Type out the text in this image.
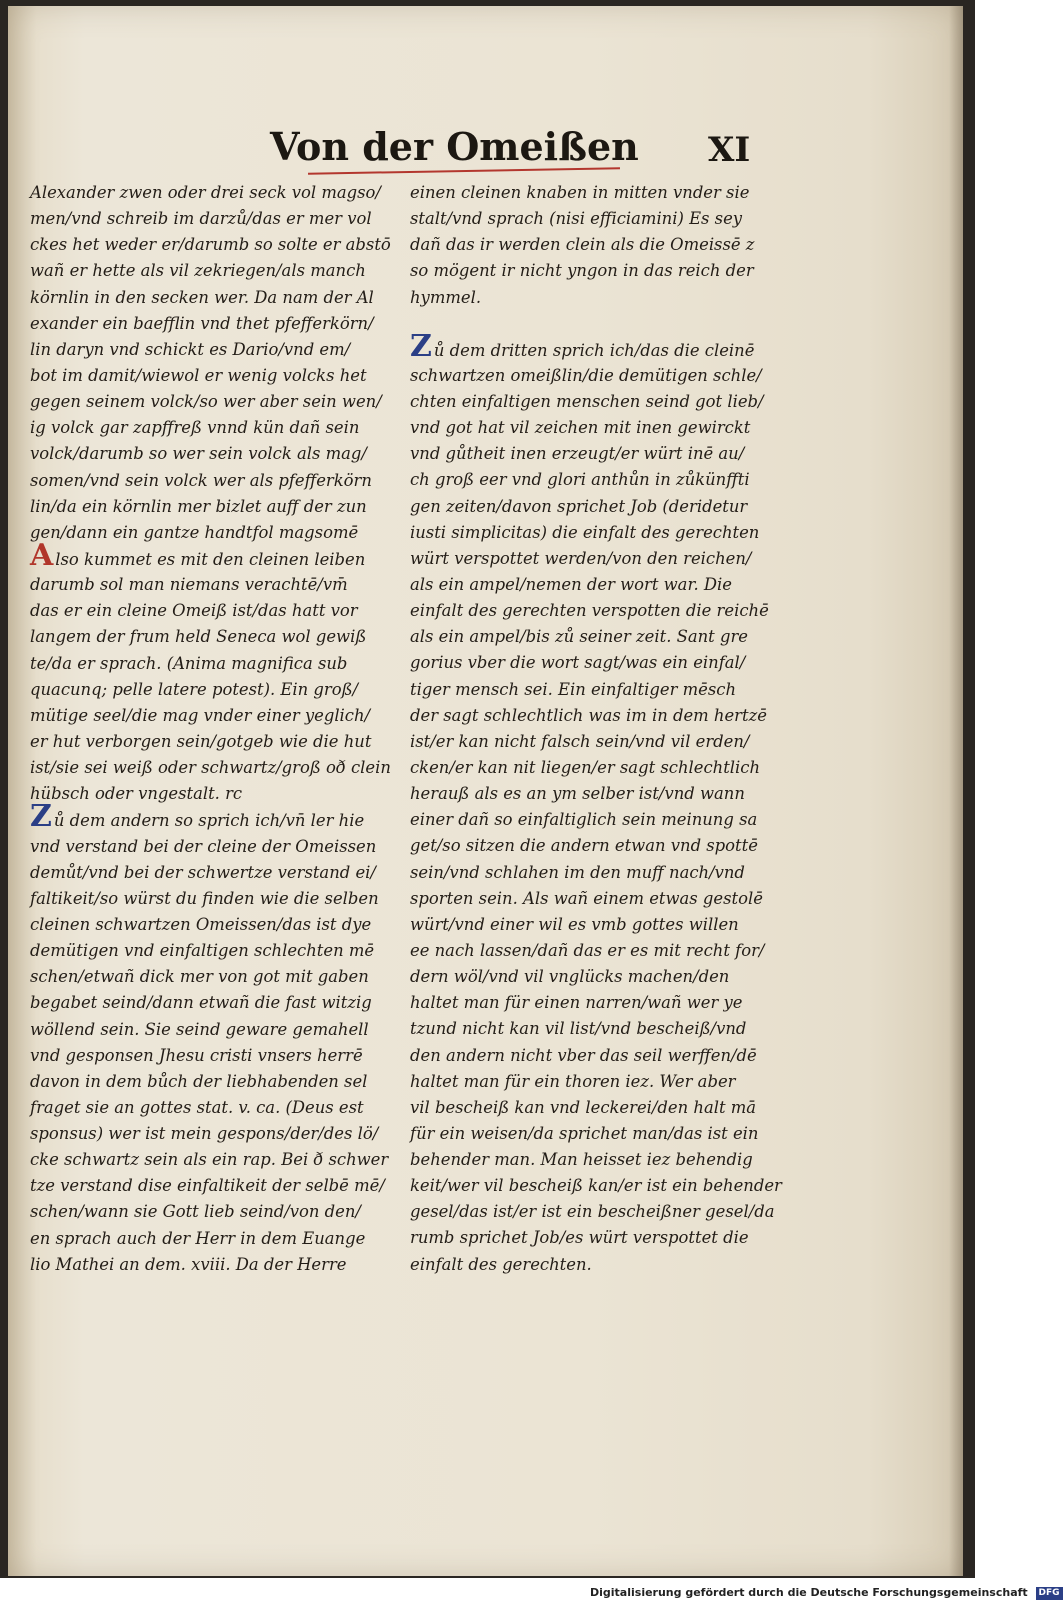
Von der Omeißen XI
Alexander zwen oder drei seck vol magso/
men/vnd schreib im darzů/das er mer vol
ckes het weder er/darumb so solte er abstō
wañ er hette als vil zekriegen/als manch
körnlin in den secken wer. Da nam der Al
exander ein baefflin vnd thet pfefferkörn/
lin daryn vnd schickt es Dario/vnd em/
bot im damit/wiewol er wenig volcks het
gegen seinem volck/so wer aber sein wen/
ig volck gar zapffreß vnnd kün dañ sein
volck/darumb so wer sein volck als mag/
somen/vnd sein volck wer als pfefferkörn
lin/da ein körnlin mer bizlet auff der zun
gen/dann ein gantze handtfol magsomē
Also kummet es mit den cleinen leiben
darumb sol man niemans verachtē/vm̄
das er ein cleine Omeiß ist/das hatt vor
langem der frum held Seneca wol gewiß
te/da er sprach. (Anima magnifica sub
quacunq; pelle latere potest). Ein groß/
mütige seel/die mag vnder einer yeglich/
er hut verborgen sein/gotgeb wie die hut
ist/sie sei weiß oder schwartz/groß oð clein
hübsch oder vngestalt. rc
Zů dem andern so sprich ich/vn̄ ler hie
vnd verstand bei der cleine der Omeissen
demůt/vnd bei der schwertze verstand ei/
faltikeit/so würst du finden wie die selben
cleinen schwartzen Omeissen/das ist dye
demütigen vnd einfaltigen schlechten mē
schen/etwañ dick mer von got mit gaben
begabet seind/dann etwañ die fast witzig
wöllend sein. Sie seind geware gemahell
vnd gesponsen Jhesu cristi vnsers herrē
davon in dem bůch der liebhabenden sel
fraget sie an gottes stat. v. ca. (Deus est
sponsus) wer ist mein gespons/der/des lö/
cke schwartz sein als ein rap. Bei ð schwer
tze verstand dise einfaltikeit der selbē mē/
schen/wann sie Gott lieb seind/von den/
en sprach auch der Herr in dem Euange
lio Mathei an dem. xviii. Da der Herre
einen cleinen knaben in mitten vnder sie
stalt/vnd sprach (nisi efficiamini) Es sey
dañ das ir werden clein als die Omeissē z
so mögent ir nicht yngon in das reich der
hymmel.
Zů dem dritten sprich ich/das die cleinē
schwartzen omeißlin/die demütigen schle/
chten einfaltigen menschen seind got lieb/
vnd got hat vil zeichen mit inen gewirckt
vnd gůtheit inen erzeugt/er würt inē au/
ch groß eer vnd glori anthůn in zůkünffti
gen zeiten/davon sprichet Job (deridetur
iusti simplicitas) die einfalt des gerechten
würt verspottet werden/von den reichen/
als ein ampel/nemen der wort war. Die
einfalt des gerechten verspotten die reichē
als ein ampel/bis zů seiner zeit. Sant gre
gorius vber die wort sagt/was ein einfal/
tiger mensch sei. Ein einfaltiger mēsch
der sagt schlechtlich was im in dem hertzē
ist/er kan nicht falsch sein/vnd vil erden/
cken/er kan nit liegen/er sagt schlechtlich
herauß als es an ym selber ist/vnd wann
einer dañ so einfaltiglich sein meinung sa
get/so sitzen die andern etwan vnd spottē
sein/vnd schlahen im den muff nach/vnd
sporten sein. Als wañ einem etwas gestolē
würt/vnd einer wil es vmb gottes willen
ee nach lassen/dañ das er es mit recht for/
dern wöl/vnd vil vnglücks machen/den
haltet man für einen narren/wañ wer ye
tzund nicht kan vil list/vnd bescheiß/vnd
den andern nicht vber das seil werffen/dē
haltet man für ein thoren iez. Wer aber
vil bescheiß kan vnd leckerei/den halt mā
für ein weisen/da sprichet man/das ist ein
behender man. Man heisset iez behendig
keit/wer vil bescheiß kan/er ist ein behender
gesel/das ist/er ist ein bescheißner gesel/da
rumb sprichet Job/es würt verspottet die
einfalt des gerechten.
Digitalisierung gefördert durch die Deutsche Forschungsgemeinschaft DFG
